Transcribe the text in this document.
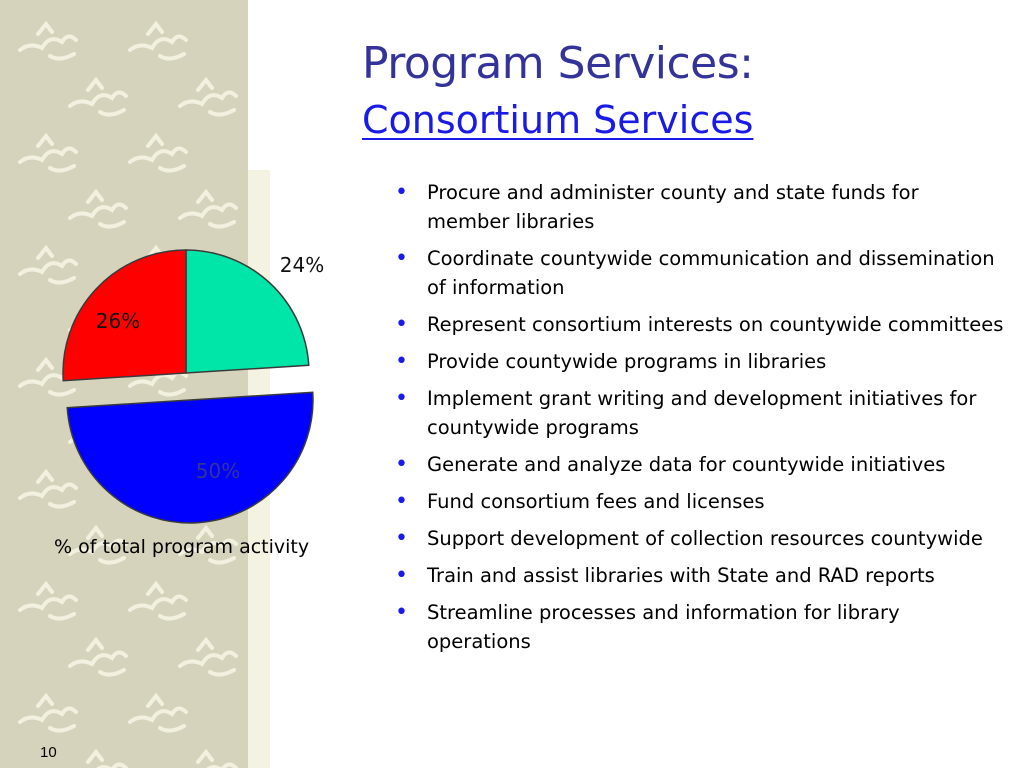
Program Services:
Consortium Services
24%
50%
26%
% of total program activity
• Procure and administer county and state funds for member libraries
• Coordinate countywide communication and dissemination of information
• Represent consortium interests on countywide committees
• Provide countywide programs in libraries
• Implement grant writing and development initiatives for countywide programs
• Generate and analyze data for countywide initiatives
• Fund consortium fees and licenses
• Support development of collection resources countywide
• Train and assist libraries with State and RAD reports
• Streamline processes and information for library operations
10
